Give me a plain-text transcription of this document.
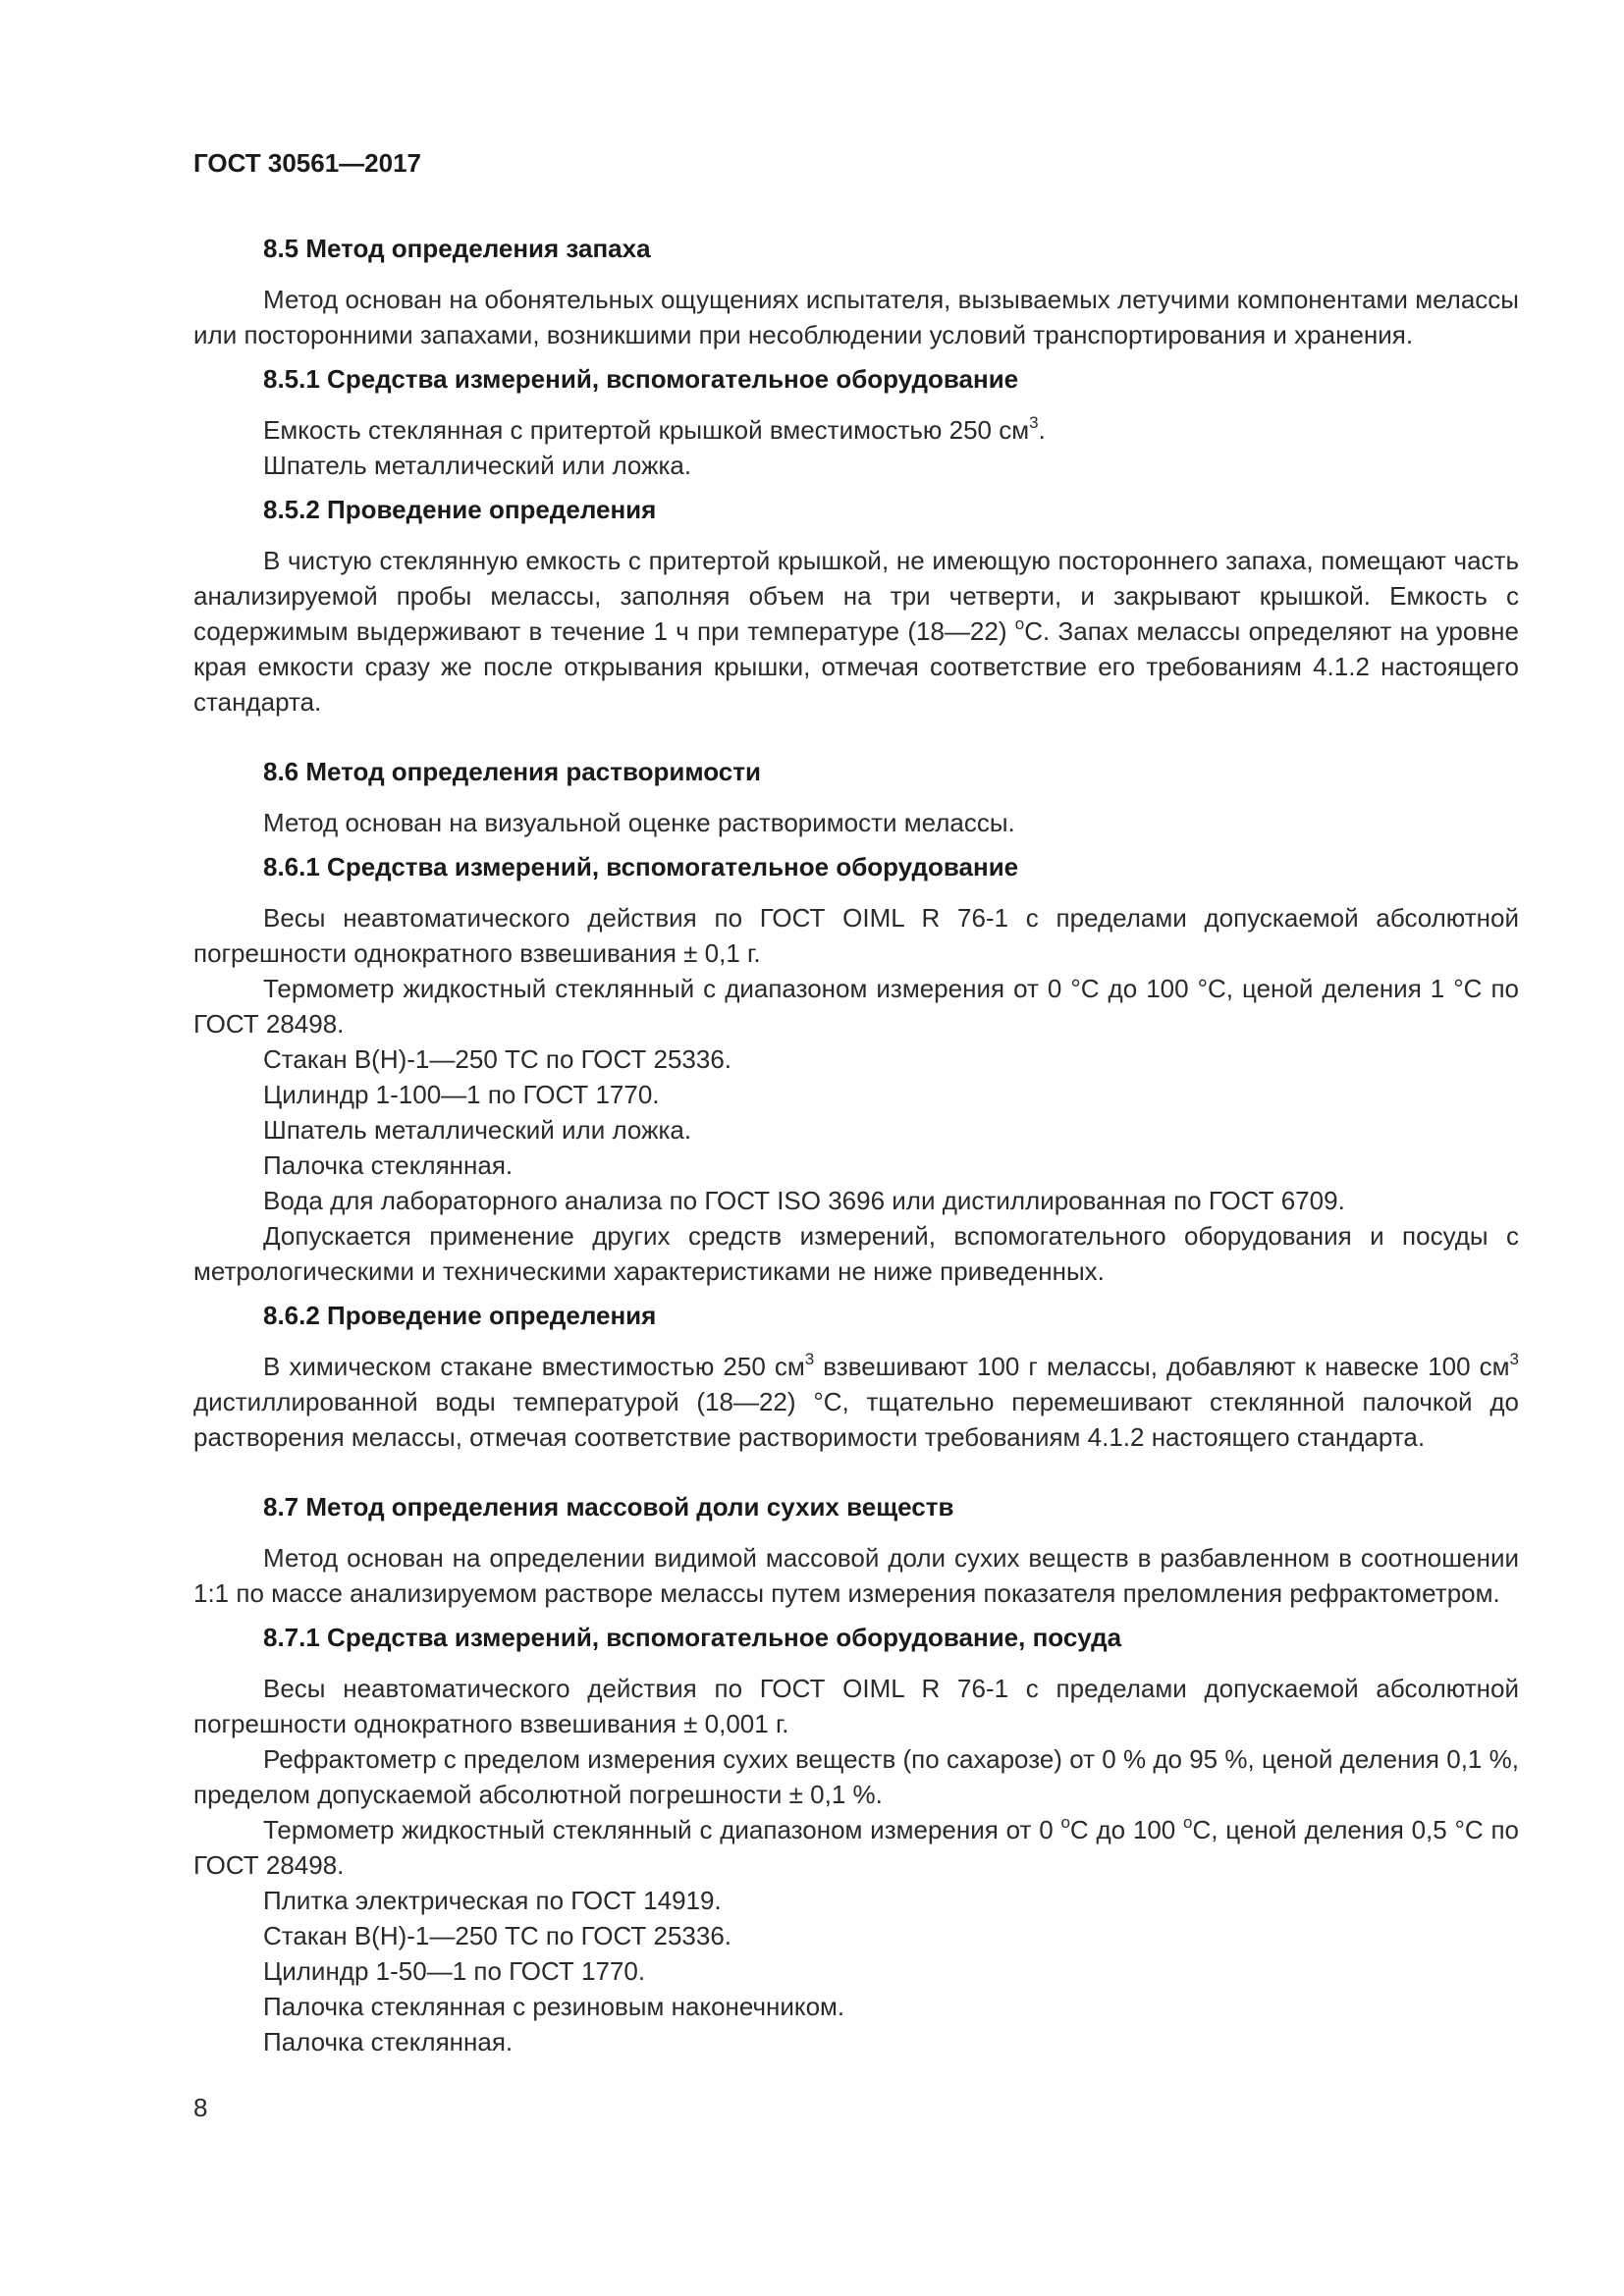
ГОСТ 30561—2017
8.5 Метод определения запаха

Метод основан на обонятельных ощущениях испытателя, вызываемых летучими компонентами мелассы или посторонними запахами, возникшими при несоблюдении условий транспортирования и хранения.

8.5.1 Средства измерений, вспомогательное оборудование

Емкость стеклянная с притертой крышкой вместимостью 250 $см^3$.

Шпатель металлический или ложка.

8.5.2 Проведение определения

В чистую стеклянную емкость с притертой крышкой, не имеющую постороннего запаха, помещают часть анализируемой пробы мелассы, заполняя объем на три четверти, и закрывают крышкой. Емкость с содержимым выдерживают в течение 1 ч при температуре (18—22) $^о$С. Запах мелассы определяют на уровне края емкости сразу же после открывания крышки, отмечая соответствие его требованиям 4.1.2 настоящего стандарта.

8.6 Метод определения растворимости

Метод основан на визуальной оценке растворимости мелассы.

8.6.1 Средства измерений, вспомогательное оборудование

Весы неавтоматического действия по ГОСТ OIML R 76-1 с пределами допускаемой абсолютной погрешности однократного взвешивания ± 0,1 г.

Термометр жидкостный стеклянный с диапазоном измерения от 0 °С до 100 °С, ценой деления 1 °С по ГОСТ 28498.

Стакан В(Н)-1—250 ТС по ГОСТ 25336.

Цилиндр 1-100—1 по ГОСТ 1770.

Шпатель металлический или ложка.

Палочка стеклянная.

Вода для лабораторного анализа по ГОСТ ISO 3696 или дистиллированная по ГОСТ 6709.

Допускается применение других средств измерений, вспомогательного оборудования и посуды с метрологическими и техническими характеристиками не ниже приведенных.

8.6.2 Проведение определения

В химическом стакане вместимостью 250 $см^3$ взвешивают 100 г мелассы, добавляют к навеске 100 $см^3$ дистиллированной воды температурой (18—22) °С, тщательно перемешивают стеклянной палочкой до растворения мелассы, отмечая соответствие растворимости требованиям 4.1.2 настоящего стандарта.

8.7 Метод определения массовой доли сухих веществ

Метод основан на определении видимой массовой доли сухих веществ в разбавленном в соотношении 1:1 по массе анализируемом растворе мелассы путем измерения показателя преломления рефрактометром.

8.7.1 Средства измерений, вспомогательное оборудование, посуда

Весы неавтоматического действия по ГОСТ OIML R 76-1 с пределами допускаемой абсолютной погрешности однократного взвешивания ± 0,001 г.

Рефрактометр с пределом измерения сухих веществ (по сахарозе) от 0 % до 95 %, ценой деления 0,1 %, пределом допускаемой абсолютной погрешности ± 0,1 %.

Термометр жидкостный стеклянный с диапазоном измерения от 0 $^о$С до 100 $^о$С, ценой деления 0,5 °С по ГОСТ 28498.

Плитка электрическая по ГОСТ 14919.

Стакан В(Н)-1—250 ТС по ГОСТ 25336.

Цилиндр 1-50—1 по ГОСТ 1770.

Палочка стеклянная с резиновым наконечником.

Палочка стеклянная.

8
